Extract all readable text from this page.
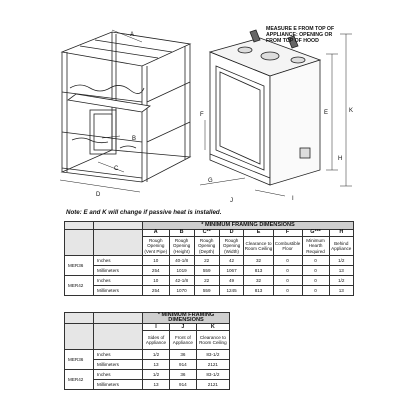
A
B
C
D
E
F
G
H
I
J
K
MEASURE E FROM TOP OF
APPLIANCE: OPENING OR
FROM TOP OF HOOD
Note: E and K will change if passive heat is installed.
		* MINIMUM FRAMING DIMENSIONS							
		A	B	C**	D	E	F	G***	H
		Rough Opening (Vent Pipe)	Rough Opening (Height)	Rough Opening (Depth)	Rough Opening (Width)	Clearance to Room Ceiling	Combustible Floor	Minimum Hearth Required	Behind Appliance
MER36	Inches	10	40-1/8	22	42	32	0	0	1/2
	Millimeters	254	1019	559	1067	813	0	0	13
MER42	Inches	10	42-1/8	22	49	32	0	0	1/2
	Millimeters	254	1070	559	1245	813	0	0	13
		* MINIMUM FRAMING DIMENSIONS		
		I	J	K
		Sides of Appliance	Front of Appliance	Clearance to Room Ceiling
MER36	Inches	1/2	36	83-1/2
	Millimeters	13	914	2121
MER42	Inches	1/2	36	83-1/2
	Millimeters	13	914	2121
